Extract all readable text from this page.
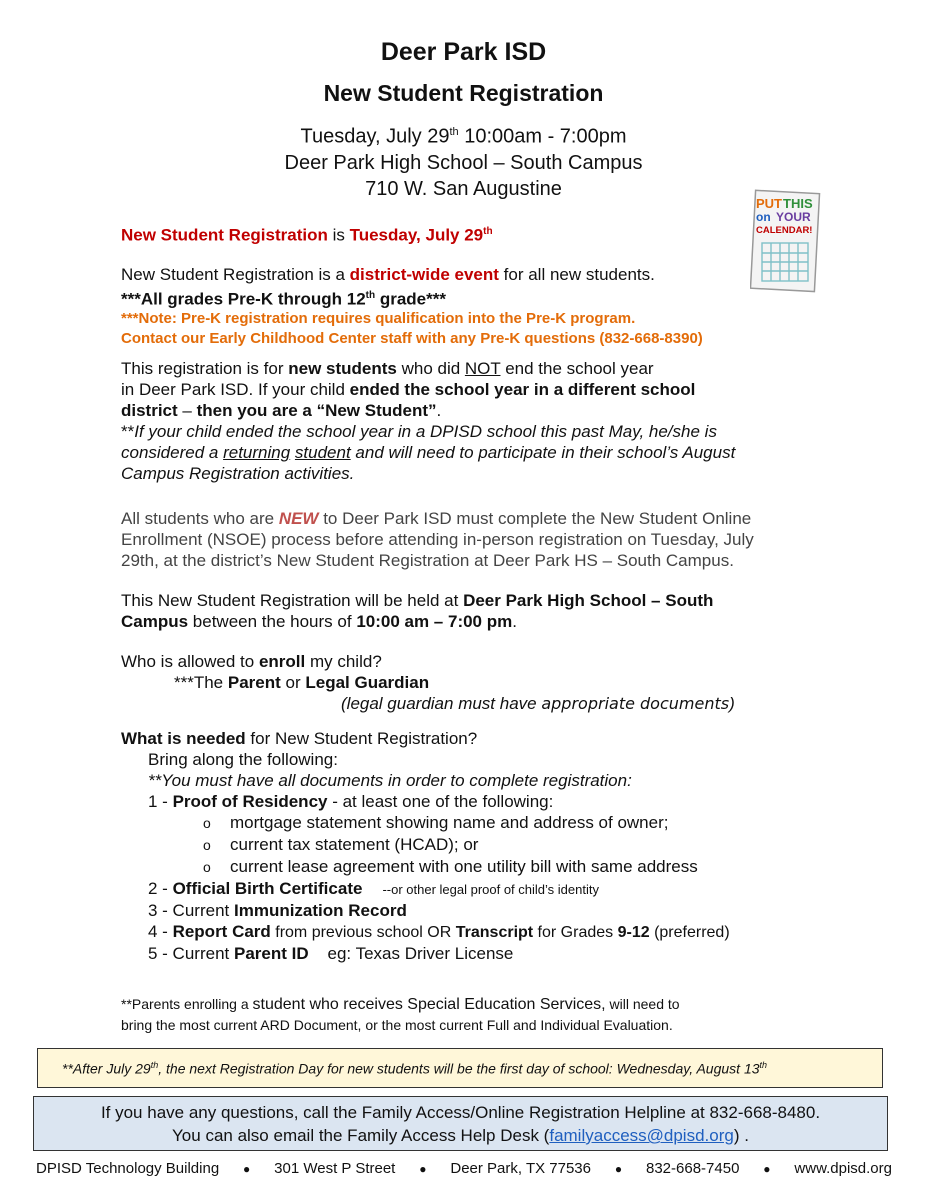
Deer Park ISD
New Student Registration
Tuesday, July 29th 10:00am - 7:00pm
Deer Park High School – South Campus
710 W. San Augustine
PUT THIS
on YOUR
CALENDAR!

New Student Registration is Tuesday, July 29th

New Student Registration is a district-wide event for all new students.

***All grades Pre-K through 12th grade***

***Note: Pre-K registration requires qualification into the Pre-K program.

Contact our Early Childhood Center staff with any Pre-K questions (832-668-8390)

This registration is for new students who did NOT end the school year

in Deer Park ISD. If your child ended the school year in a different school

district – then you are a “New Student”.

**If your child ended the school year in a DPISD school this past May, he/she is

considered a returning student and will need to participate in their school’s August

Campus Registration activities.

All students who are NEW to Deer Park ISD must complete the New Student Online

Enrollment (NSOE) process before attending in-person registration on Tuesday, July

29th, at the district’s New Student Registration at Deer Park HS – South Campus.

This New Student Registration will be held at Deer Park High School – South

Campus between the hours of 10:00 am – 7:00 pm.

Who is allowed to enroll my child?

***The Parent or Legal Guardian

(legal guardian must have appropriate documents)

What is needed for New Student Registration?

Bring along the following:

**You must have all documents in order to complete registration:

1 - Proof of Residency - at least one of the following:

o mortgage statement showing name and address of owner;

o current tax statement (HCAD); or

o current lease agreement with one utility bill with same address

2 - Official Birth Certificate --or other legal proof of child’s identity

3 - Current Immunization Record

4 - Report Card from previous school OR Transcript for Grades 9-12 (preferred)

5 - Current Parent ID    eg: Texas Driver License

**Parents enrolling a student who receives Special Education Services, will need to

bring the most current ARD Document, or the most current Full and Individual Evaluation.

**After July 29th, the next Registration Day for new students will be the first day of school: Wednesday, August 13th
If you have any questions, call the Family Access/Online Registration Helpline at 832-668-8480.
You can also email the Family Access Help Desk (familyaccess@dpisd.org) .
DPISD Technology Building ● 301 West P Street ● Deer Park, TX 77536 ● 832-668-7450 ● www.dpisd.org
